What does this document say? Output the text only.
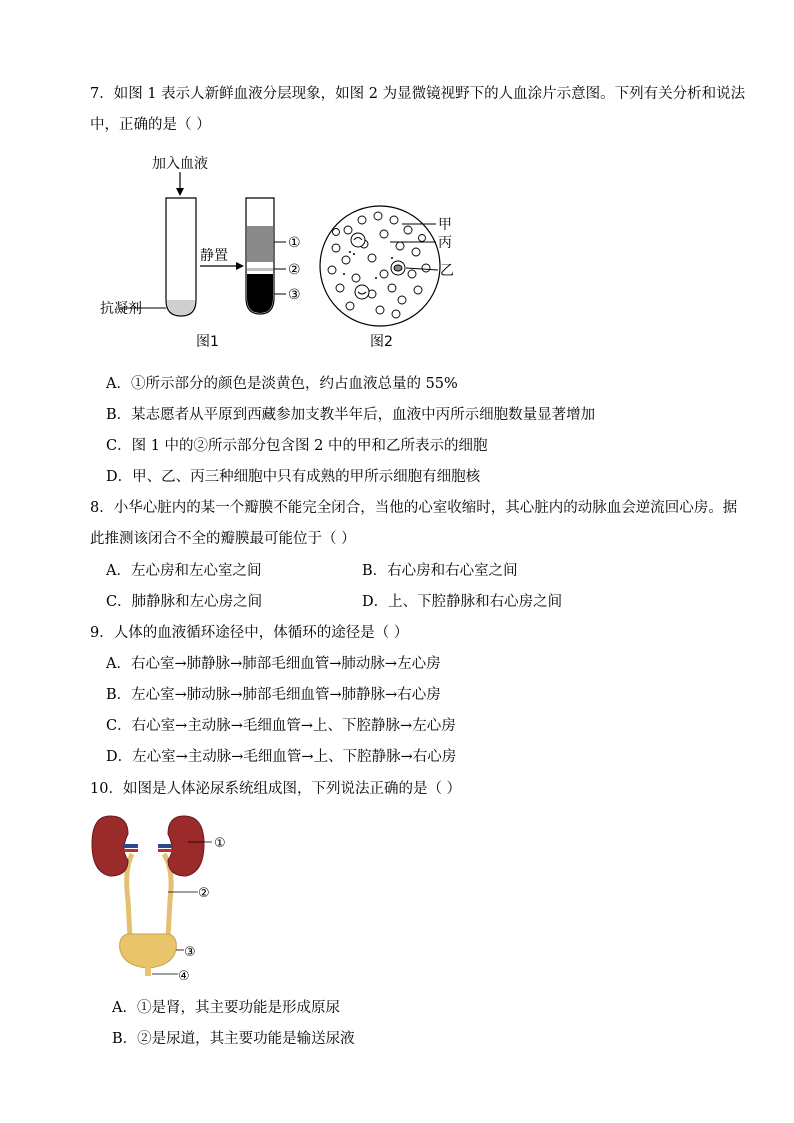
7．如图 1 表示人新鲜血液分层现象，如图 2 为显微镜视野下的人血涂片示意图。下列有关分析和说法
中，正确的是（ ）
加入血液
抗凝剂
静置
①
②
③
图1
甲
丙
乙
图2
A．①所示部分的颜色是淡黄色，约占血液总量的 55%
B．某志愿者从平原到西藏参加支教半年后，血液中丙所示细胞数量显著增加
C．图 1 中的②所示部分包含图 2 中的甲和乙所表示的细胞
D．甲、乙、丙三种细胞中只有成熟的甲所示细胞有细胞核
8．小华心脏内的某一个瓣膜不能完全闭合，当他的心室收缩时，其心脏内的动脉血会逆流回心房。据
此推测该闭合不全的瓣膜最可能位于（ ）
A．左心房和左心室之间	B．右心房和右心室之间
C．肺静脉和左心房之间	D．上、下腔静脉和右心房之间
9．人体的血液循环途径中，体循环的途径是（ ）
A．右心室→肺静脉→肺部毛细血管→肺动脉→左心房
B．左心室→肺动脉→肺部毛细血管→肺静脉→右心房
C．右心室→主动脉→毛细血管→上、下腔静脉→左心房
D．左心室→主动脉→毛细血管→上、下腔静脉→右心房
10．如图是人体泌尿系统组成图，下列说法正确的是（ ）
①
②
③
④
A．①是肾，其主要功能是形成原尿
B．②是尿道，其主要功能是输送尿液
